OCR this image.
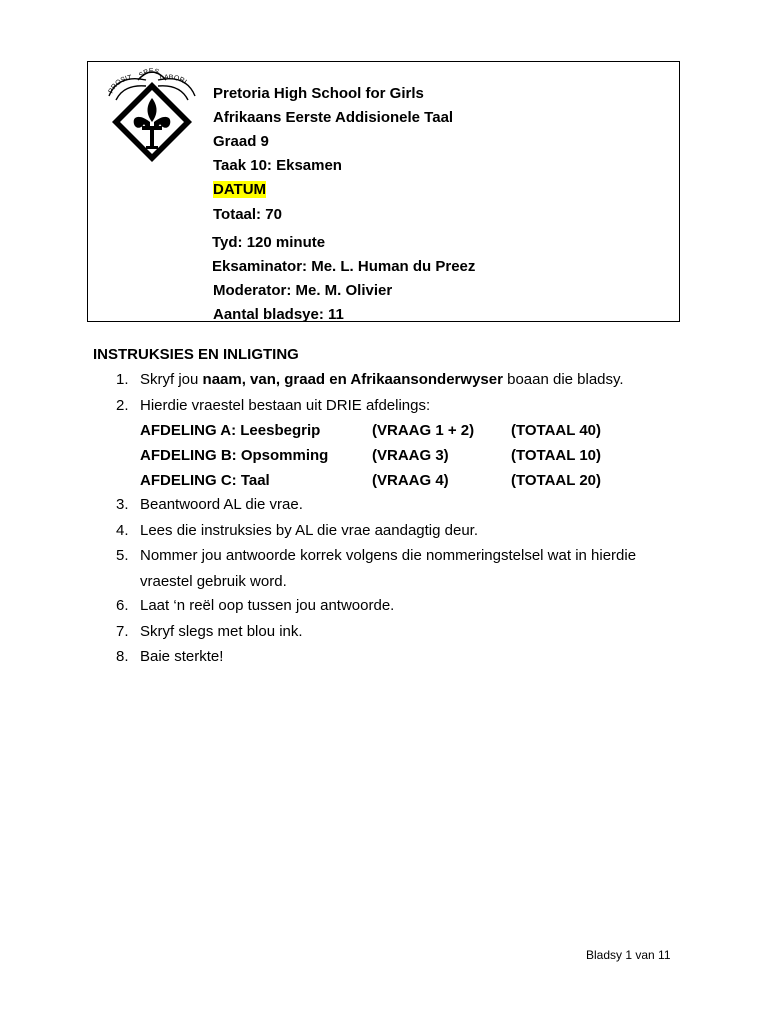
SPES
PROSIT	LABORI
Pretoria High School for Girls
Afrikaans Eerste Addisionele Taal
Graad 9
Taak 10: Eksamen
DATUM
Totaal: 70
Tyd: 120 minute
Eksaminator: Me. L. Human du Preez
Moderator: Me. M. Olivier
Aantal bladsye: 11
INSTRUKSIES EN INLIGTING
1. Skryf jou naam, van, graad en Afrikaansonderwyser boaan die bladsy.
2. Hierdie vraestel bestaan uit DRIE afdelings:
AFDELING A: Leesbegrip	(VRAAG 1 + 2) (TOTAAL 40)
AFDELING B: Opsomming	(VRAAG 3)	(TOTAAL 10)
AFDELING C: Taal	(VRAAG 4)	(TOTAAL 20)
3. Beantwoord AL die vrae.
4. Lees die instruksies by AL die vrae aandagtig deur.
5. Nommer jou antwoorde korrek volgens die nommeringstelsel wat in hierdie
vraestel gebruik word.
6. Laat ‘n reël oop tussen jou antwoorde.
7. Skryf slegs met blou ink.
8. Baie sterkte!
Bladsy 1 van 11
